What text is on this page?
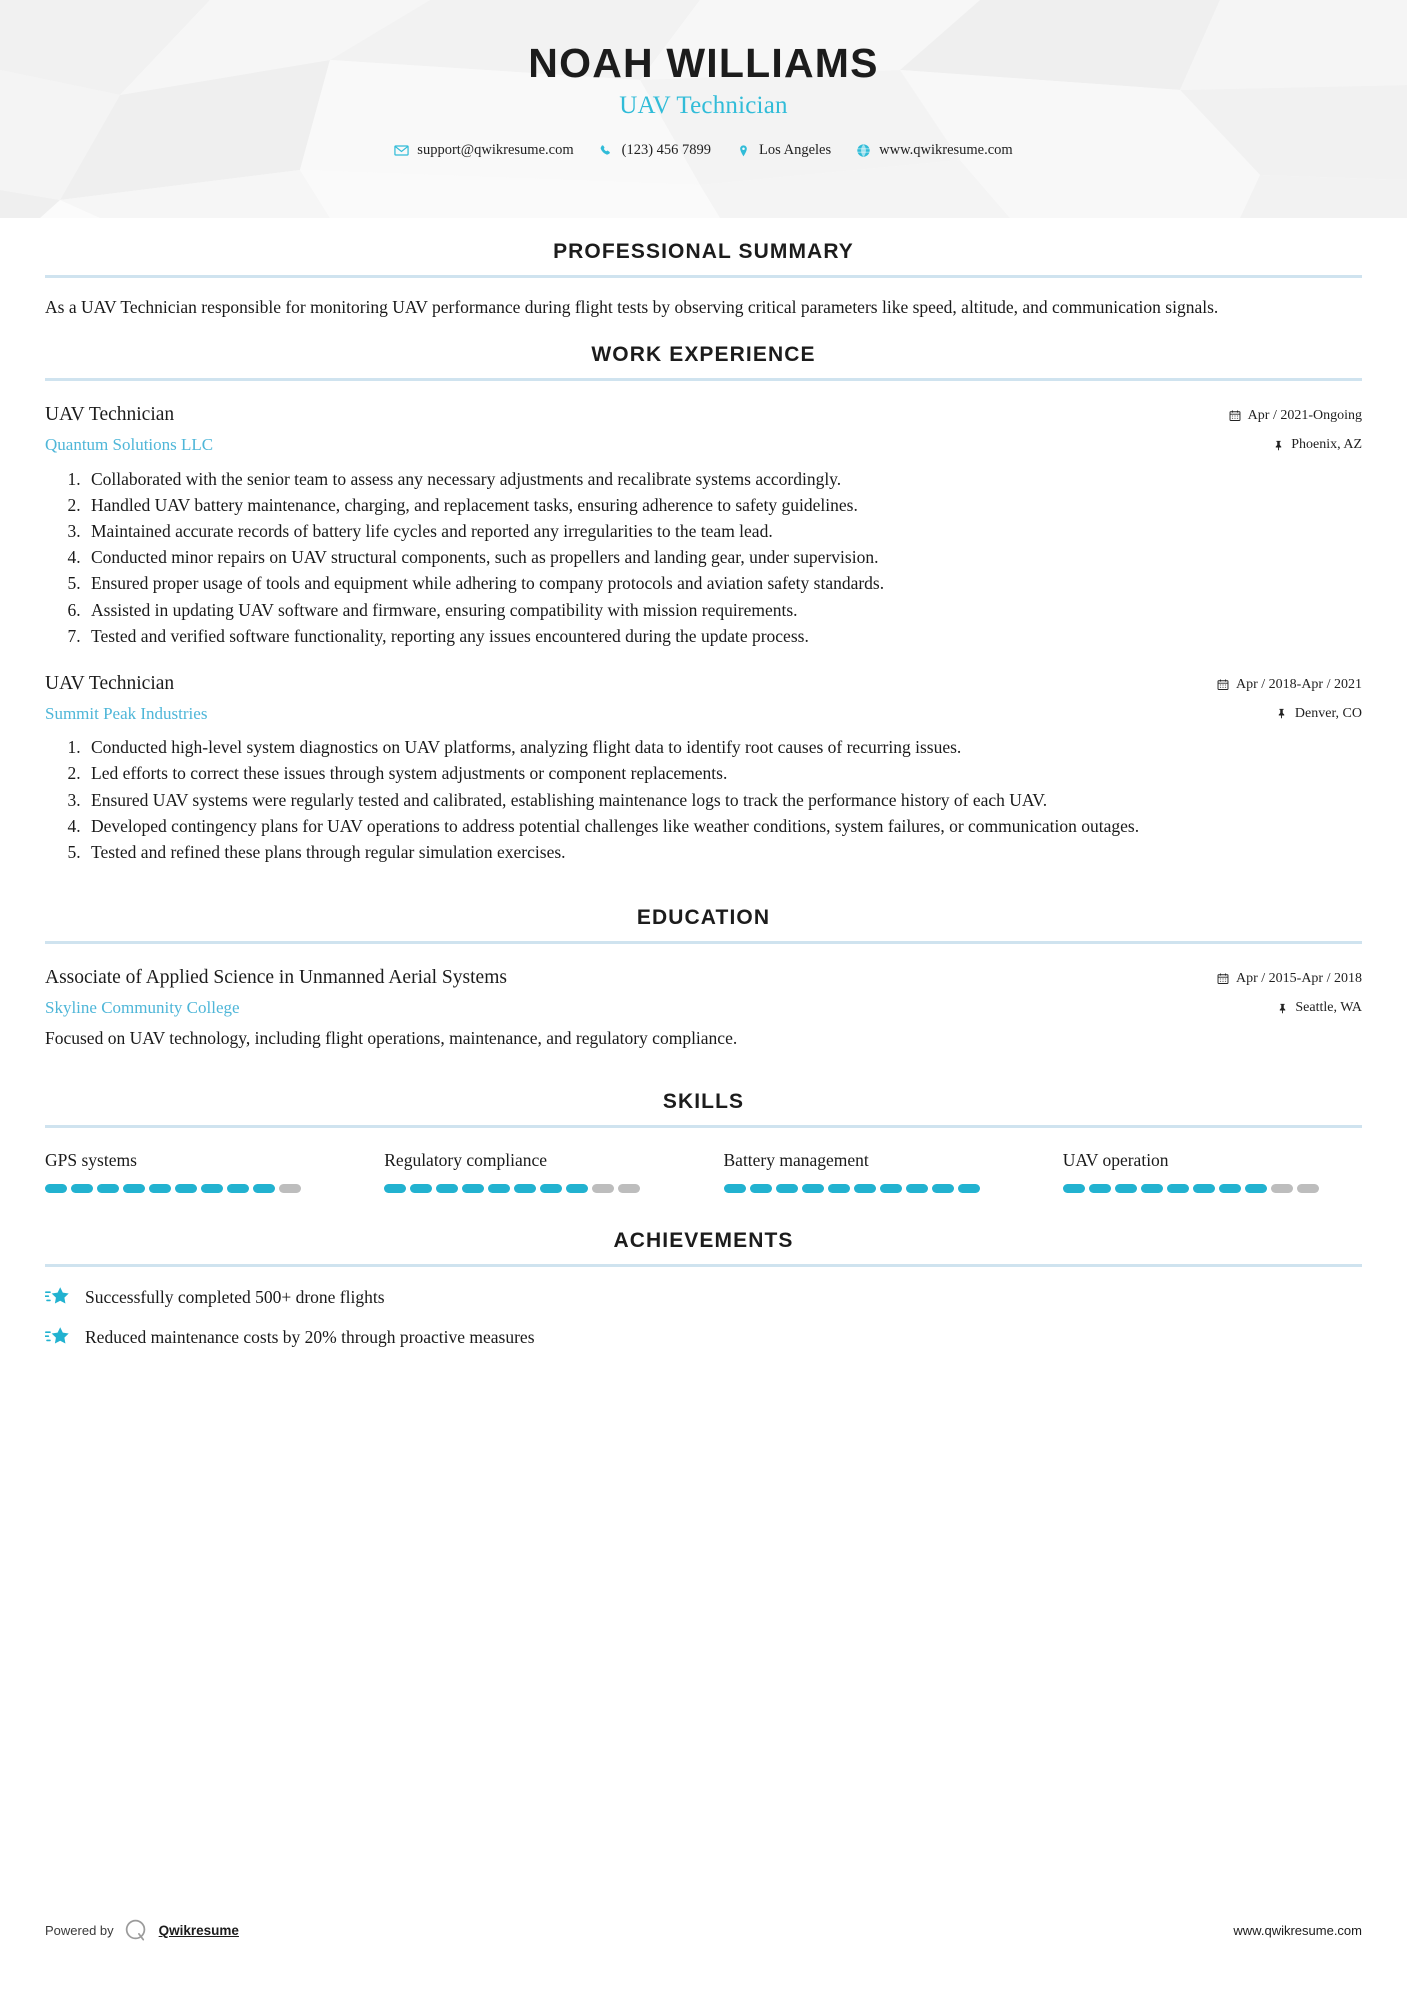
NOAH WILLIAMS
UAV Technician
support@qwikresume.com	(123) 456 7899	Los Angeles	www.qwikresume.com
PROFESSIONAL SUMMARY

As a UAV Technician responsible for monitoring UAV performance during flight tests by observing critical parameters like speed, altitude, and communication signals.

WORK EXPERIENCE
UAV Technician
Quantum Solutions LLC
Apr / 2021-Ongoing
Phoenix, AZ
1. Collaborated with the senior team to assess any necessary adjustments and recalibrate systems accordingly.
2. Handled UAV battery maintenance, charging, and replacement tasks, ensuring adherence to safety guidelines.
3. Maintained accurate records of battery life cycles and reported any irregularities to the team lead.
4. Conducted minor repairs on UAV structural components, such as propellers and landing gear, under supervision.
5. Ensured proper usage of tools and equipment while adhering to company protocols and aviation safety standards.
6. Assisted in updating UAV software and firmware, ensuring compatibility with mission requirements.
7. Tested and verified software functionality, reporting any issues encountered during the update process.
UAV Technician
Summit Peak Industries
Apr / 2018-Apr / 2021
Denver, CO
1. Conducted high-level system diagnostics on UAV platforms, analyzing flight data to identify root causes of recurring issues.
2. Led efforts to correct these issues through system adjustments or component replacements.
3. Ensured UAV systems were regularly tested and calibrated, establishing maintenance logs to track the performance history of each UAV.
4. Developed contingency plans for UAV operations to address potential challenges like weather conditions, system failures, or communication outages.
5. Tested and refined these plans through regular simulation exercises.
EDUCATION
Associate of Applied Science in Unmanned Aerial Systems
Skyline Community College
Apr / 2015-Apr / 2018
Seattle, WA

Focused on UAV technology, including flight operations, maintenance, and regulatory compliance.

SKILLS
GPS systems	Regulatory compliance	Battery management	UAV operation
ACHIEVEMENTS
Successfully completed 500+ drone flights
Reduced maintenance costs by 20% through proactive measures
Powered by	Qwikresume	www.qwikresume.com
